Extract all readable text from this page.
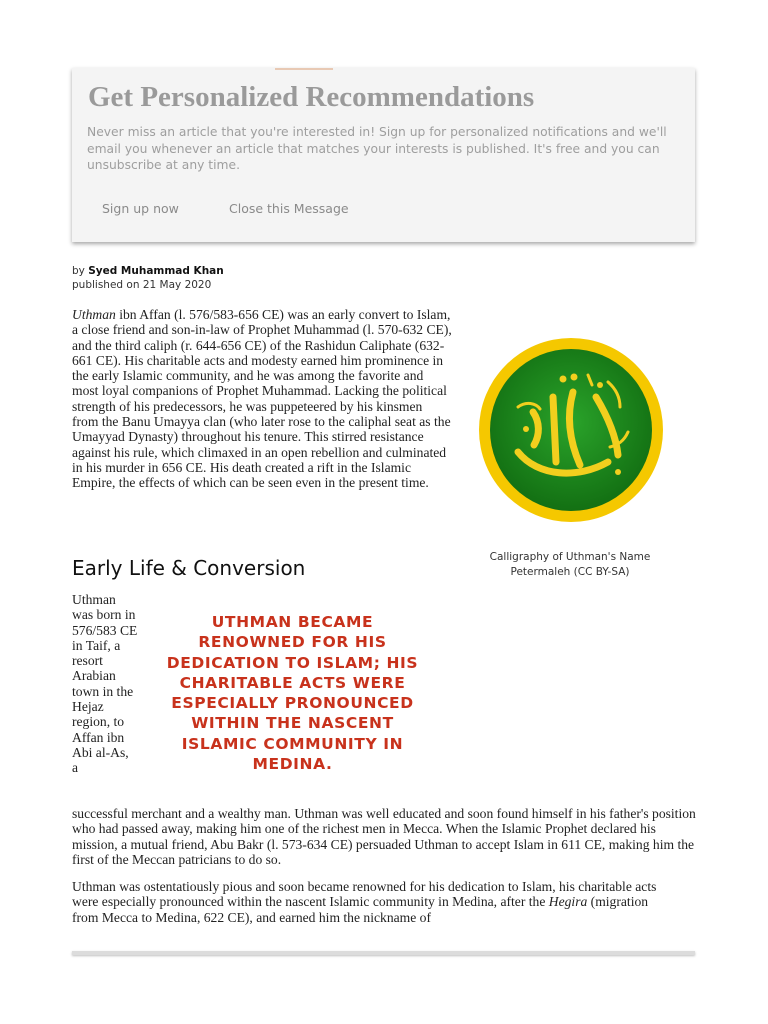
Get Personalized Recommendations

Never miss an article that you're interested in! Sign up for personalized notifications and we'll email you whenever an article that matches your interests is published. It's free and you can unsubscribe at any time.

Sign up now	Close this Message
by Syed Muhammad Khan
published on 21 May 2020

Uthman ibn Affan (l. 576/583-656 CE) was an early convert to Islam, a close friend and son-in-law of Prophet Muhammad (l. 570-632 CE), and the third caliph (r. 644-656 CE) of the Rashidun Caliphate (632-661 CE). His charitable acts and modesty earned him prominence in the early Islamic community, and he was among the favorite and most loyal companions of Prophet Muhammad. Lacking the political strength of his predecessors, he was puppeteered by his kinsmen from the Banu Umayya clan (who later rose to the caliphal seat as the Umayyad Dynasty) throughout his tenure. This stirred resistance against his rule, which climaxed in an open rebellion and culminated in his murder in 656 CE. His death created a rift in the Islamic Empire, the effects of which can be seen even in the present time.

Calligraphy of Uthman's Name
Petermaleh (CC BY-SA)
Early Life & Conversion

Uthman was born in 576/583 CE in Taif, a resort Arabian town in the Hejaz region, to Affan ibn Abi al-As, a

UTHMAN BECAME RENOWNED FOR HIS DEDICATION TO ISLAM; HIS CHARITABLE ACTS WERE ESPECIALLY PRONOUNCED WITHIN THE NASCENT ISLAMIC COMMUNITY IN MEDINA.

successful merchant and a wealthy man. Uthman was well educated and soon found himself in his father's position who had passed away, making him one of the richest men in Mecca. When the Islamic Prophet declared his mission, a mutual friend, Abu Bakr (l. 573-634 CE) persuaded Uthman to accept Islam in 611 CE, making him the first of the Meccan patricians to do so.

Uthman was ostentatiously pious and soon became renowned for his dedication to Islam, his charitable acts were especially pronounced within the nascent Islamic community in Medina, after the Hegira (migration from Mecca to Medina, 622 CE), and earned him the nickname of
